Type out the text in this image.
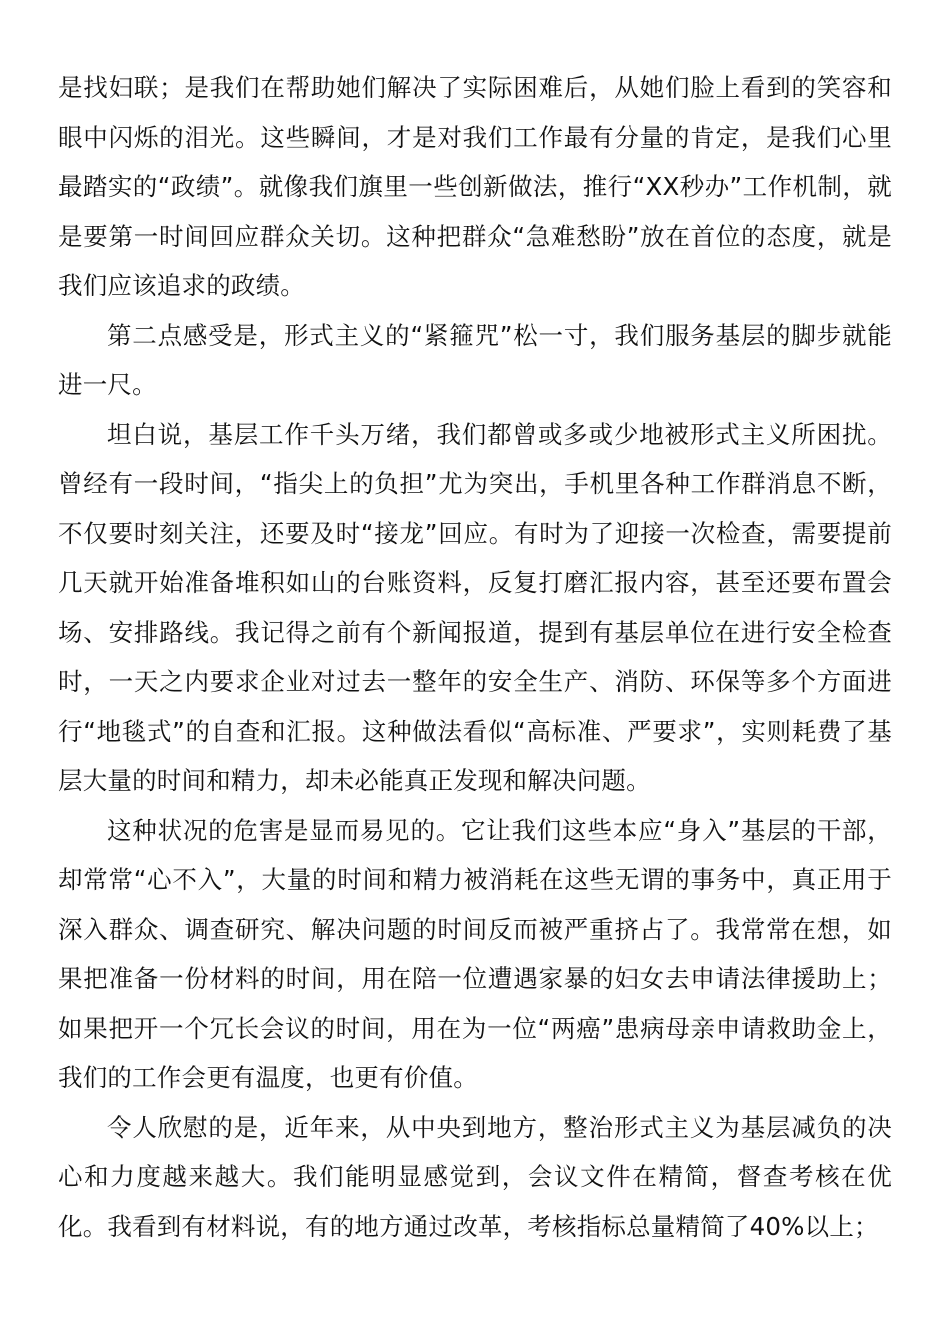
是找妇联；是我们在帮助她们解决了实际困难后，从她们脸上看到的笑容和眼中闪烁的泪光。这些瞬间，才是对我们工作最有分量的肯定，是我们心里最踏实的“政绩”。就像我们旗里一些创新做法，推行“XX秒办”工作机制，就是要第一时间回应群众关切。这种把群众“急难愁盼”放在首位的态度，就是我们应该追求的政绩。

第二点感受是，形式主义的“紧箍咒”松一寸，我们服务基层的脚步就能进一尺。

坦白说，基层工作千头万绪，我们都曾或多或少地被形式主义所困扰。曾经有一段时间，“指尖上的负担”尤为突出，手机里各种工作群消息不断，不仅要时刻关注，还要及时“接龙”回应。有时为了迎接一次检查，需要提前几天就开始准备堆积如山的台账资料，反复打磨汇报内容，甚至还要布置会场、安排路线。我记得之前有个新闻报道，提到有基层单位在进行安全检查时，一天之内要求企业对过去一整年的安全生产、消防、环保等多个方面进行“地毯式”的自查和汇报。这种做法看似“高标准、严要求”，实则耗费了基层大量的时间和精力，却未必能真正发现和解决问题。

这种状况的危害是显而易见的。它让我们这些本应“身入”基层的干部，却常常“心不入”，大量的时间和精力被消耗在这些无谓的事务中，真正用于深入群众、调查研究、解决问题的时间反而被严重挤占了。我常常在想，如果把准备一份材料的时间，用在陪一位遭遇家暴的妇女去申请法律援助上；如果把开一个冗长会议的时间，用在为一位“两癌”患病母亲申请救助金上，我们的工作会更有温度，也更有价值。

令人欣慰的是，近年来，从中央到地方，整治形式主义为基层减负的决心和力度越来越大。我们能明显感觉到，会议文件在精简，督查考核在优化。我看到有材料说，有的地方通过改革，考核指标总量精简了40%以上；
